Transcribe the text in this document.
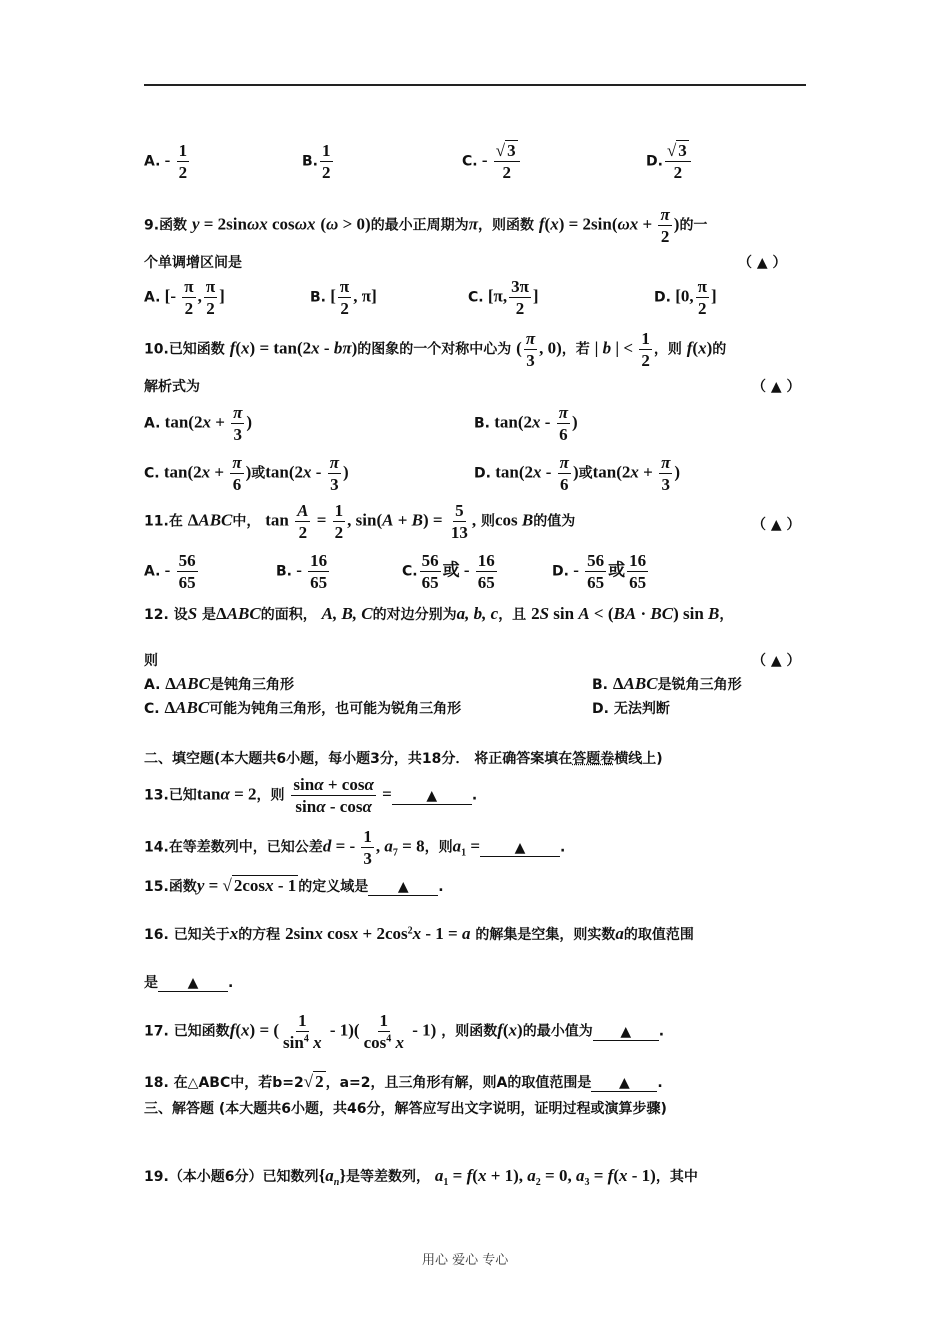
A. - $\frac{1}{2}$	B. $\frac{1}{2}$	C. - $\frac{√ 3}{2}$	D. $\frac{√ 3}{2}$
9.函数 y = 2sinωx cosωx (ω > 0)的最小正周期为π，则函数 $f(x) = 2\sin(\omega x + \frac{\pi}{2}$ )的一
个单调增区间是	（ ▲ ）
A. [- $\frac{\pi}{2}$ , $\frac{\pi}{2}$ ]	B. [ $\frac{\pi}{2}$ , π]	C. [π, $\frac{3\pi}{2}$ ]	D. [0, $\frac{\pi}{2}$ ]
10.已知函数 f(x) = tan(2x - bπ)的图象的一个对称中心为 ( $\frac{\pi}{3}$ , 0)，若 | b | < $\frac{1}{2}$ ，则 f(x)的
解析式为	（ ▲ ）
A. $\tan(2x + \frac{\pi}{3}$ )	B. $\tan(2x - \frac{\pi}{6}$ )
C. $\tan(2x + \frac{\pi}{6}$ )或$\tan(2x - \frac{\pi}{3}$ )	D. $\tan(2x - \frac{\pi}{6}$ )或$\tan(2x + \frac{\pi}{3}$ )
11.在 ΔABC中， $\tan \frac{A}{2} = \frac{1}{2}$ , $\sin(A + B) = \frac{5}{13}$ , 则cos B的值为	（ ▲ ）
A. - $\frac{56}{65}$	B. - $\frac{16}{65}$	C. $\frac{56}{65}$ 或 - $\frac{16}{65}$	D. - $\frac{56}{65}$ 或 $\frac{16}{65}$
12. 设S 是ΔABC的面积， A, B, C的对边分别为a, b, c，且 2S sin A < (BA · BC) sin B，
则	（ ▲ ）
A. ΔABC是钝角三角形	B. ΔABC是锐角三角形
C. ΔABC可能为钝角三角形，也可能为锐角三角形	D. 无法判断
二、填空题(本大题共6小题，每小题3分，共18分． 将正确答案填在答题卷横线上)
13.已知tanα = 2，则 $\frac{\sin\alpha + \cos\alpha}{\sin\alpha - \cos\alpha}$ = ▲ .
14.在等差数列中，已知公差d = - $\frac{1}{3}$ , $a_7 = 8$，则$a_1$ = ▲ .
15.函数y = √ 2cosx - 1 的定义域是 ▲ .
16. 已知关于x的方程 2sinx $\cos x + 2\cos^2x - 1 = a$ 的解集是空集，则实数a的取值范围
是 ▲ .
17. 已知函数f(x) = ( $\frac{1}{\sin^4 x} - 1)( \frac{1}{\cos^4 x} - 1)$ ，则函数f(x)的最小值为 ▲ .
18. 在△ABC中，若b=2√ 2 ，a=2，且三角形有解，则A的取值范围是 ▲ .
三、解答题 (本大题共6小题，共46分，解答应写出文字说明，证明过程或演算步骤)
19.（本小题6分）已知数列$\{a_n\}$是等差数列， $a_1 = f(x + 1)$, $a_2 = 0$, $a_3 = f(x - 1)$，其中
用心 爱心 专心
